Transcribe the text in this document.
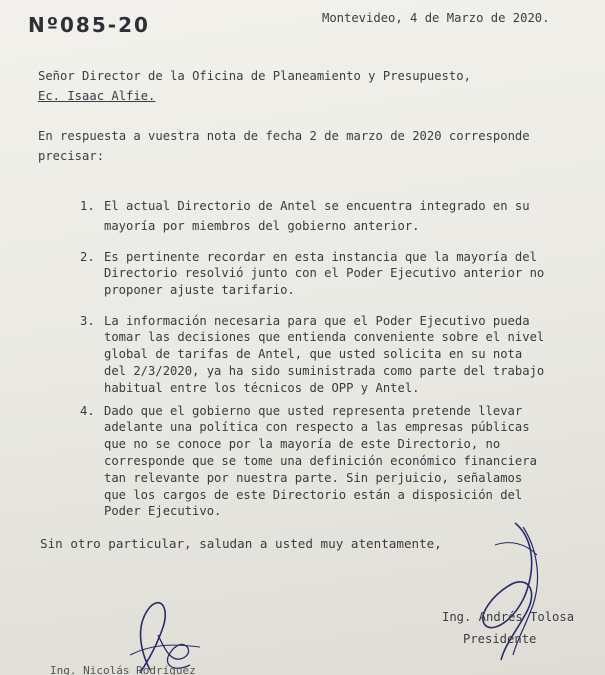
Nº085-20	Montevideo, 4 de Marzo de 2020.
Señor Director de la Oficina de Planeamiento y Presupuesto,
Ec. Isaac Alfie.
En respuesta a vuestra nota de fecha 2 de marzo de 2020 corresponde
precisar:
1. El actual Directorio de Antel se encuentra integrado en su
mayoría por miembros del gobierno anterior.
2. Es pertinente recordar en esta instancia que la mayoría del
Directorio resolvió junto con el Poder Ejecutivo anterior no
proponer ajuste tarifario.
3. La información necesaria para que el Poder Ejecutivo pueda
tomar las decisiones que entienda conveniente sobre el nivel
global de tarifas de Antel, que usted solicita en su nota
del 2/3/2020, ya ha sido suministrada como parte del trabajo
habitual entre los técnicos de OPP y Antel.
4. Dado que el gobierno que usted representa pretende llevar
adelante una política con respecto a las empresas públicas
que no se conoce por la mayoría de este Directorio, no
corresponde que se tome una definición económico financiera
tan relevante por nuestra parte. Sin perjuicio, señalamos
que los cargos de este Directorio están a disposición del
Poder Ejecutivo.
Sin otro particular, saludan a usted muy atentamente,
Ing. Andrés Tolosa
Presidente
Ing. Nicolás Rodríguez
